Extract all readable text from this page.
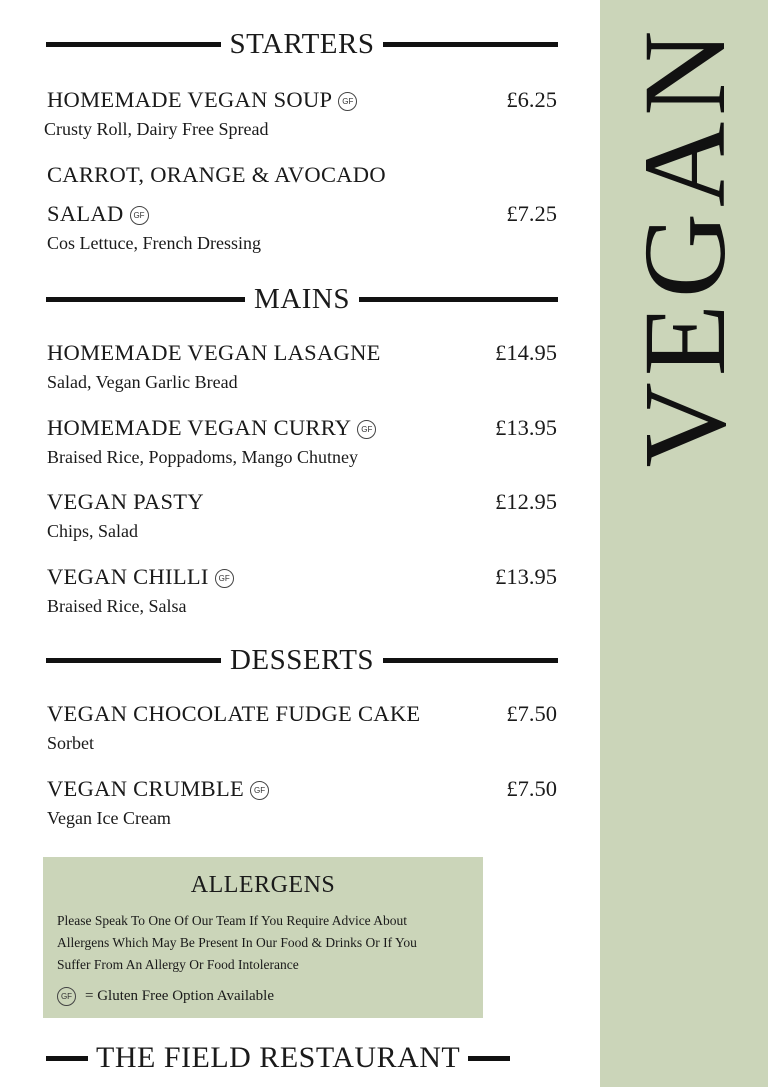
VEGAN
STARTERS
HOMEMADE VEGAN SOUP GF	£6.25
Crusty Roll, Dairy Free Spread
CARROT, ORANGE & AVOCADO
SALAD GF	£7.25
Cos Lettuce, French Dressing
MAINS
HOMEMADE VEGAN LASAGNE	£14.95
Salad, Vegan Garlic Bread
HOMEMADE VEGAN CURRY GF	£13.95
Braised Rice, Poppadoms, Mango Chutney
VEGAN PASTY	£12.95
Chips, Salad
VEGAN CHILLI GF	£13.95
Braised Rice, Salsa
DESSERTS
VEGAN CHOCOLATE FUDGE CAKE	£7.50
Sorbet
VEGAN CRUMBLE GF	£7.50
Vegan Ice Cream
ALLERGENS
Please Speak To One Of Our Team If You Require Advice About
Allergens Which May Be Present In Our Food & Drinks Or If You
Suffer From An Allergy Or Food Intolerance
GF = Gluten Free Option Available
THE FIELD RESTAURANT
